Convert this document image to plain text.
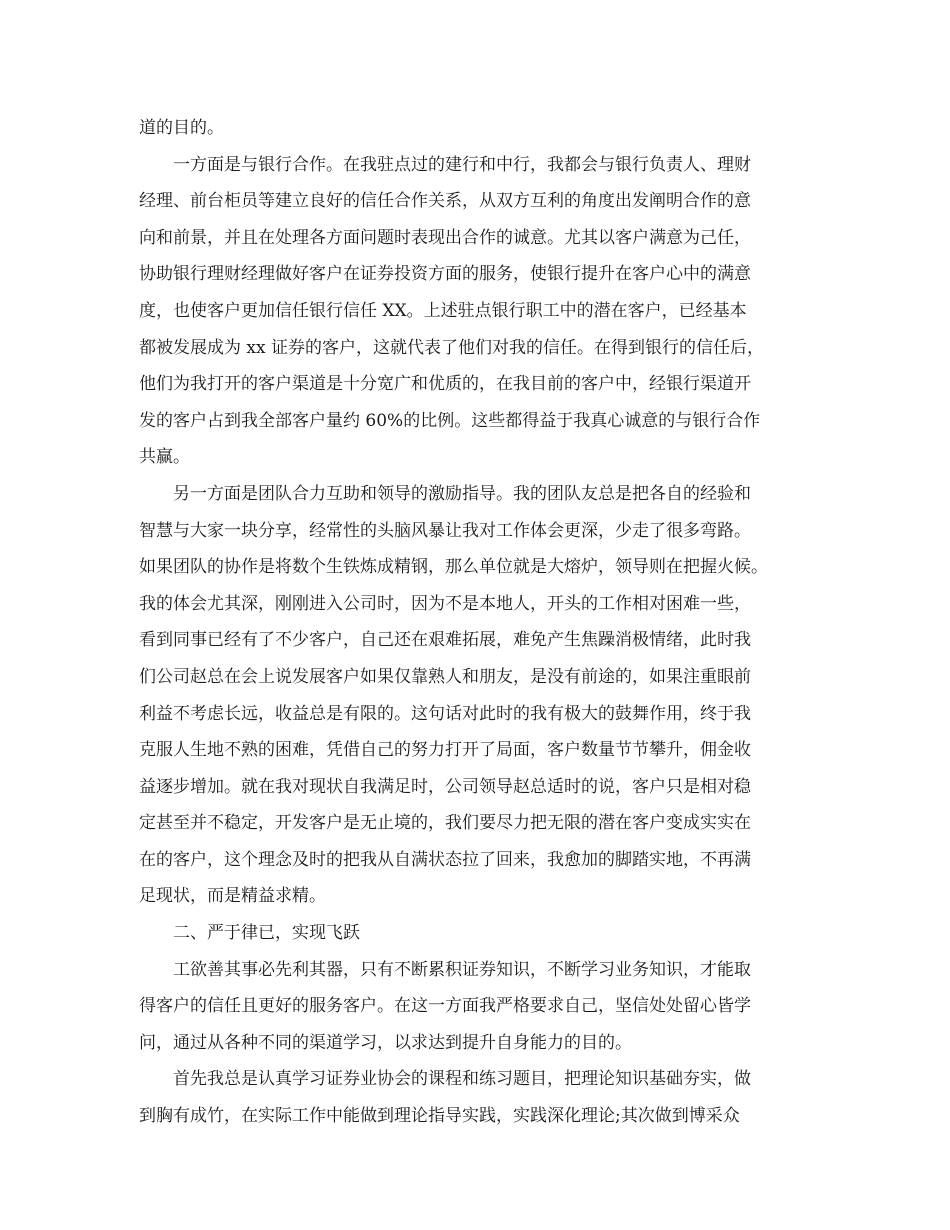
道的目的。
一方面是与银行合作。在我驻点过的建行和中行，我都会与银行负责人、理财
经理、前台柜员等建立良好的信任合作关系，从双方互利的角度出发阐明合作的意
向和前景，并且在处理各方面问题时表现出合作的诚意。尤其以客户满意为己任，
协助银行理财经理做好客户在证券投资方面的服务，使银行提升在客户心中的满意
度，也使客户更加信任银行信任 XX。上述驻点银行职工中的潜在客户，已经基本
都被发展成为 xx 证券的客户，这就代表了他们对我的信任。在得到银行的信任后，
他们为我打开的客户渠道是十分宽广和优质的，在我目前的客户中，经银行渠道开
发的客户占到我全部客户量约 60%的比例。这些都得益于我真心诚意的与银行合作
共赢。
另一方面是团队合力互助和领导的激励指导。我的团队友总是把各自的经验和
智慧与大家一块分享，经常性的头脑风暴让我对工作体会更深，少走了很多弯路。
如果团队的协作是将数个生铁炼成精钢，那么单位就是大熔炉，领导则在把握火候。
我的体会尤其深，刚刚进入公司时，因为不是本地人，开头的工作相对困难一些，
看到同事已经有了不少客户，自己还在艰难拓展，难免产生焦躁消极情绪，此时我
们公司赵总在会上说发展客户如果仅靠熟人和朋友，是没有前途的，如果注重眼前
利益不考虑长远，收益总是有限的。这句话对此时的我有极大的鼓舞作用，终于我
克服人生地不熟的困难，凭借自己的努力打开了局面，客户数量节节攀升，佣金收
益逐步增加。就在我对现状自我满足时，公司领导赵总适时的说，客户只是相对稳
定甚至并不稳定，开发客户是无止境的，我们要尽力把无限的潜在客户变成实实在
在的客户，这个理念及时的把我从自满状态拉了回来，我愈加的脚踏实地，不再满
足现状，而是精益求精。
二、严于律已，实现飞跃
工欲善其事必先利其器，只有不断累积证券知识，不断学习业务知识，才能取
得客户的信任且更好的服务客户。在这一方面我严格要求自己，坚信处处留心皆学
问，通过从各种不同的渠道学习，以求达到提升自身能力的目的。
首先我总是认真学习证券业协会的课程和练习题目，把理论知识基础夯实，做
到胸有成竹，在实际工作中能做到理论指导实践，实践深化理论;其次做到博采众
